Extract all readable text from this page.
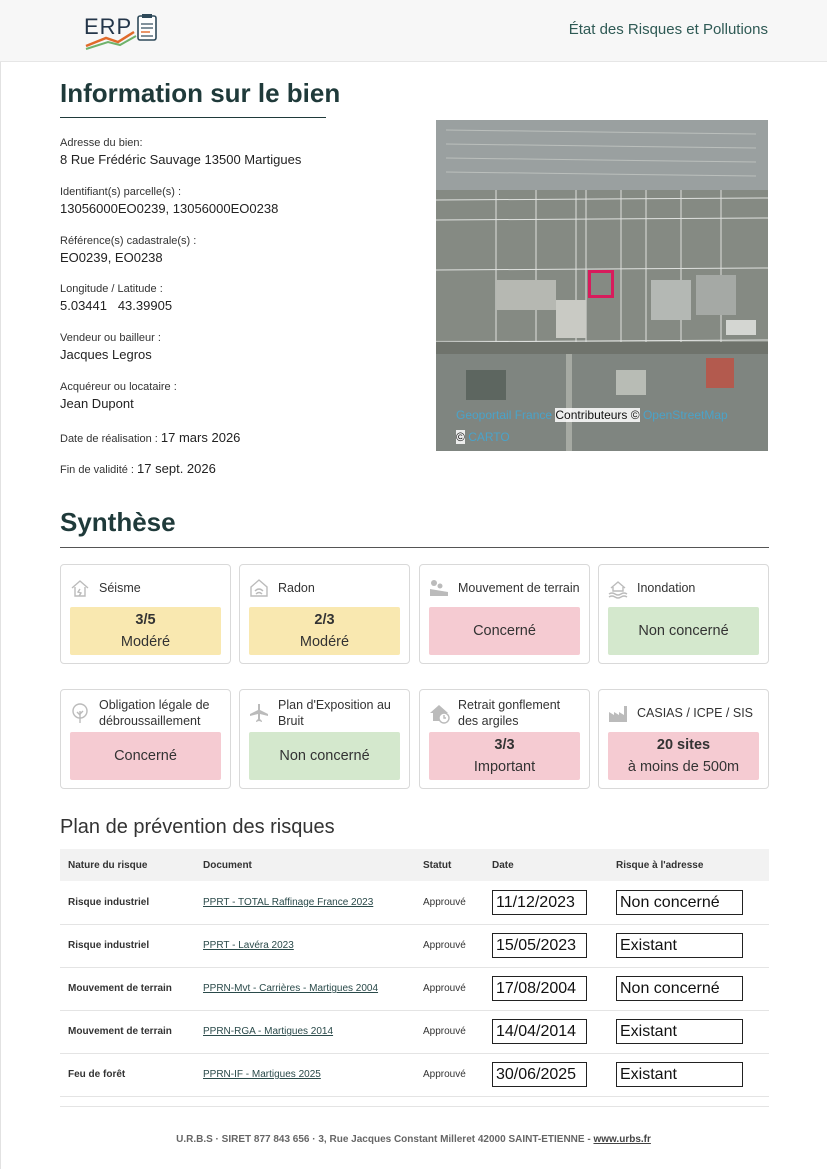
ERP	État des Risques et Pollutions
Information sur le bien
Adresse du bien:
8 Rue Frédéric Sauvage 13500 Martigues
Identifiant(s) parcelle(s) :
13056000EO0239, 13056000EO0238
Référence(s) cadastrale(s) :
EO0239, EO0238
Longitude / Latitude :
5.03441   43.39905
Vendeur ou bailleur :
Jacques Legros
Acquéreur ou locataire :
Jean Dupont
Date de réalisation : 17 mars 2026
Fin de validité : 17 sept. 2026
Geoportail France Contributeurs © OpenStreetMap
© CARTO
Synthèse
Séisme
3/5
Modéré
Radon
2/3
Modéré
Mouvement de terrain
Concerné
Inondation
Non concerné
Obligation légale de débroussaillement
Concerné
Plan d'Exposition au Bruit
Non concerné
Retrait gonflement des argiles
3/3
Important
CASIAS / ICPE / SIS
20 sites
à moins de 500m
Plan de prévention des risques
Nature du risque	Document	Statut	Date	Risque à l'adresse
Risque industriel	PPRT - TOTAL Raffinage France 2023	Approuvé	11/12/2023	Non concerné
Risque industriel	PPRT - Lavéra 2023	Approuvé	15/05/2023	Existant
Mouvement de terrain	PPRN-Mvt - Carrières - Martigues 2004	Approuvé	17/08/2004	Non concerné
Mouvement de terrain	PPRN-RGA - Martigues 2014	Approuvé	14/04/2014	Existant
Feu de forêt	PPRN-IF - Martigues 2025	Approuvé	30/06/2025	Existant
U.R.B.S · SIRET 877 843 656 · 3, Rue Jacques Constant Milleret 42000 SAINT-ETIENNE - www.urbs.fr
